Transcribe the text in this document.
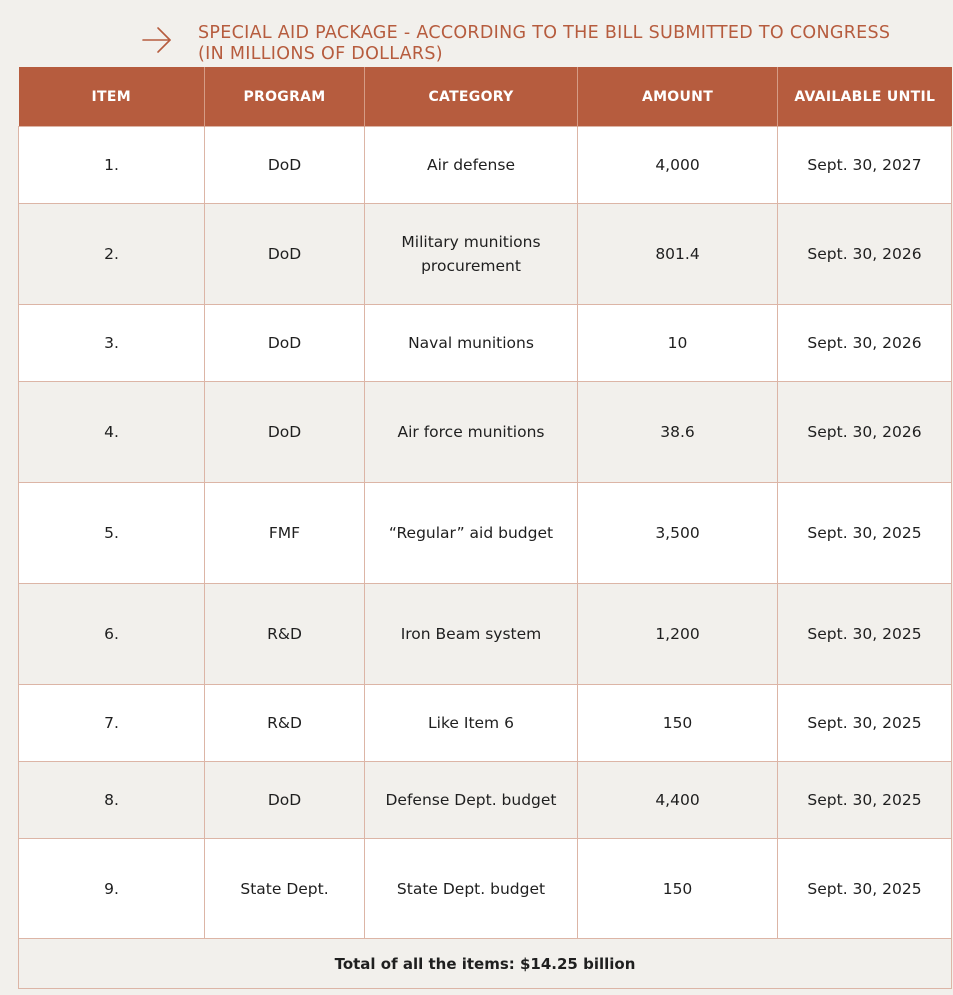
SPECIAL AID PACKAGE - ACCORDING TO THE BILL SUBMITTED TO CONGRESS (IN MILLIONS OF DOLLARS)
ITEM	PROGRAM	CATEGORY	AMOUNT	AVAILABLE UNTIL
1.	DoD	Air defense	4,000	Sept. 30, 2027
2.	DoD	Military munitions procurement	801.4	Sept. 30, 2026
3.	DoD	Naval munitions	10	Sept. 30, 2026
4.	DoD	Air force munitions	38.6	Sept. 30, 2026
5.	FMF	“Regular” aid budget	3,500	Sept. 30, 2025
6.	R&D	Iron Beam system	1,200	Sept. 30, 2025
7.	R&D	Like Item 6	150	Sept. 30, 2025
8.	DoD	Defense Dept. budget	4,400	Sept. 30, 2025
9.	State Dept.	State Dept. budget	150	Sept. 30, 2025
Total of all the items: $14.25 billion				
